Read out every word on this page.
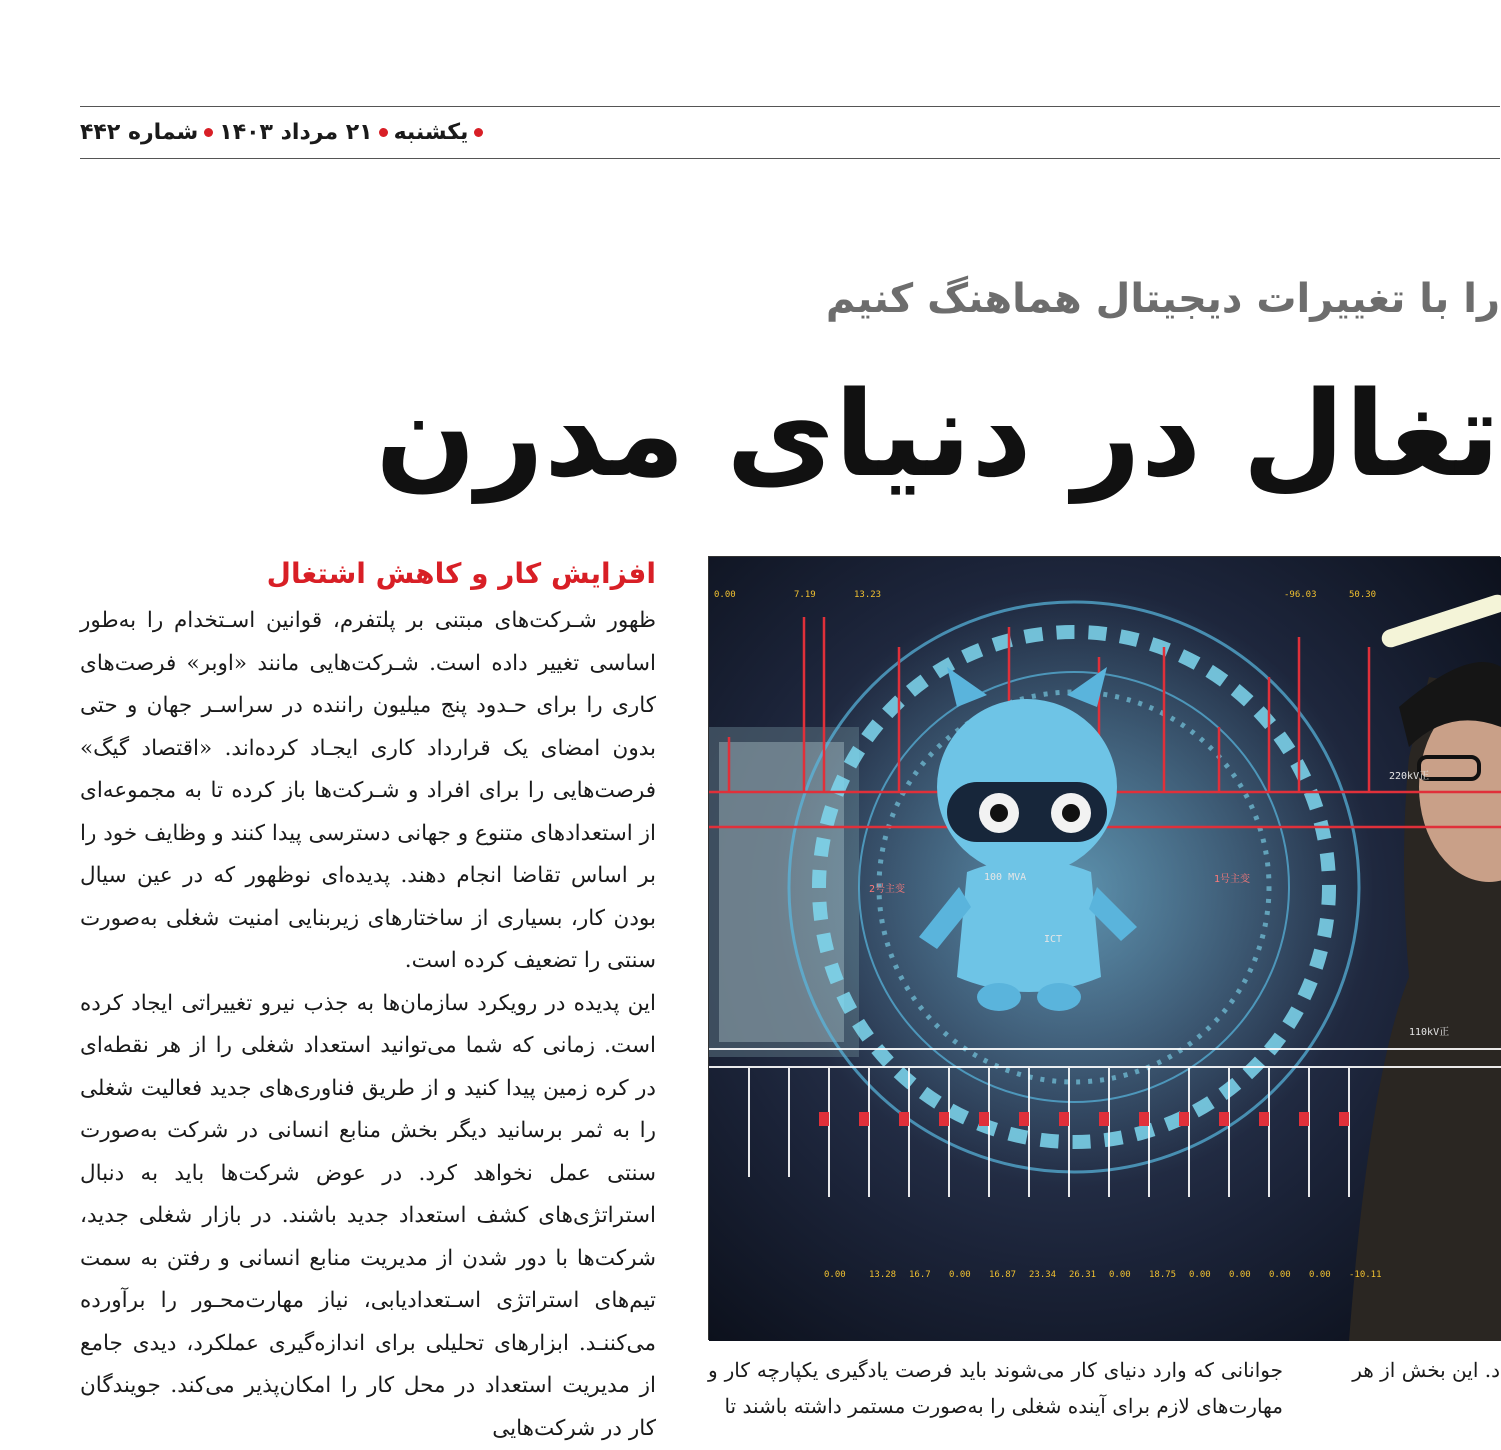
یکشنبه
۲۱ مرداد ۱۴۰۳
شماره ۴۴۲
را با تغییرات دیجیتال هماهنگ کنیم
تغال در دنیای مدرن
افزایش کار و کاهش اشتغال

ظهور شـرکت‌های مبتنی بر پلتفرم، قوانین اسـتخدام را به‌طور اساسی تغییر داده است. شـرکت‌هایی مانند «اوبر» فرصت‌های کاری را برای حـدود پنج میلیون راننده در سراسـر جهان و حتی بدون امضای یک قرارداد کاری ایجـاد کرده‌اند. «اقتصاد گیگ» فرصت‌هایی را برای افراد و شـرکت‌ها باز کرده تا به مجموعه‌ای از استعدادهای متنوع و جهانی دسترسی پیدا کنند و وظایف خود را بر اساس تقاضا انجام دهند. پدیده‌ای نوظهور که در عین سیال بودن کار، بسیاری از ساختارهای زیربنایی امنیت شغلی به‌صورت سنتی را تضعیف کرده است.

این پدیده در رویکرد سازمان‌ها به جذب نیرو تغییراتی ایجاد کرده است. زمانی که شما می‌توانید استعداد شغلی را از هر نقطه‌ای در کره زمین پیدا کنید و از طریق فناوری‌های جدید فعالیت شغلی را به ثمر برسانید دیگر بخش منابع انسانی در شرکت به‌صورت سنتی عمل نخواهد کرد. در عوض شرکت‌ها باید به دنبال استراتژی‌های کشف استعداد جدید باشند. در بازار شغلی جدید، شرکت‌ها با دور شدن از مدیریت منابع انسانی و رفتن به سمت تیم‌های استراتژی اسـتعدادیابی، نیاز مهارت‌محـور را برآورده می‌کننـد. ابزارهای تحلیلی برای اندازه‌گیری عملکرد، دیدی جامع از مدیریت استعداد در محل کار را امکان‌پذیر می‌کند. جویندگان کار در شرکت‌هایی

2号主变
1号主变
ICT
100 MVA
110kV正
220kV正
0.00	7.19	13.23	-96.03	50.30
0.00	13.28 16.7 0.00 16.87 23.34 26.31 0.00 18.75 0.00 0.00 0.00 0.00 -10.11
جوانانی که وارد دنیای کار می‌شوند باید فرصت یادگیری یکپارچه کار و مهارت‌های لازم برای آینده شغلی را به‌صورت مستمر داشته باشند تا
د. این بخش از هر
